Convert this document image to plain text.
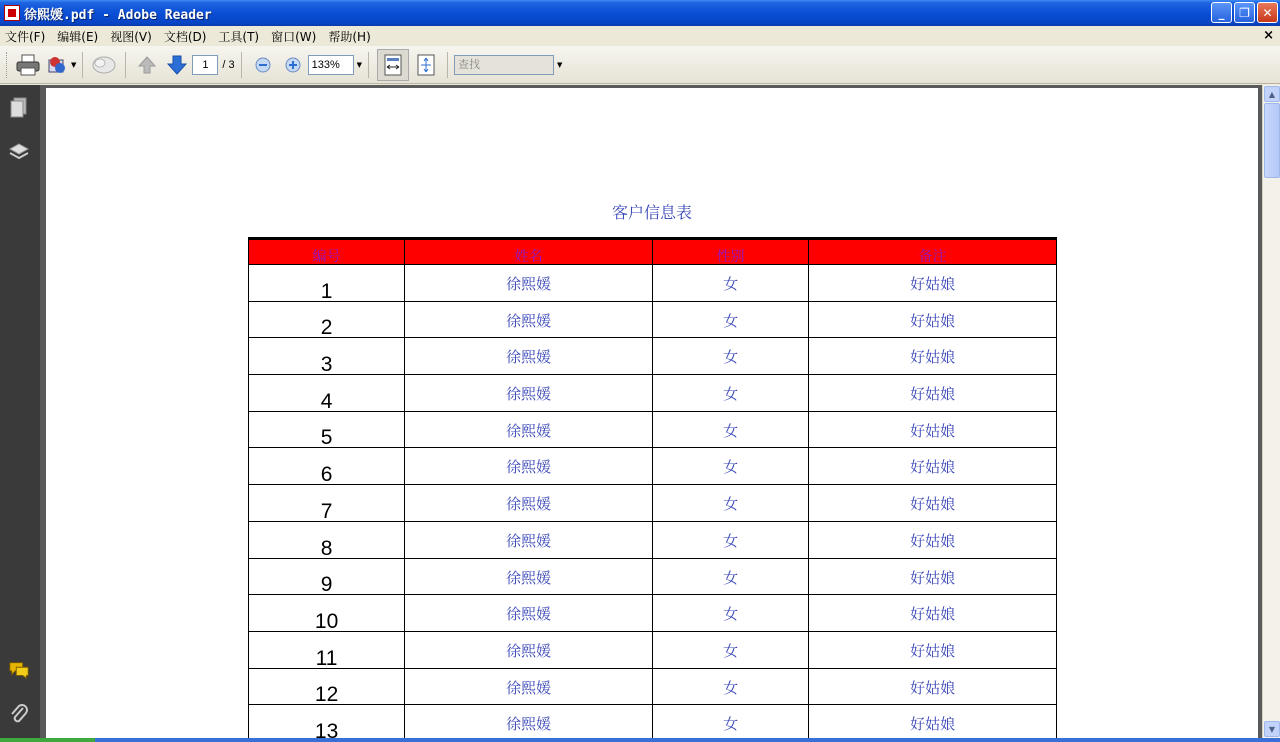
徐熙媛.pdf - Adobe Reader	_	❐	✕
文件(F)	编辑(E)	视图(V)	文档(D)	工具(T)	窗口(W)	帮助(H)	×
▼	1	/ 3	133%	▼	查找	▼
客户信息表
编号	姓名	性别	备注
1	徐熙媛	女	好姑娘
2	徐熙媛	女	好姑娘
3	徐熙媛	女	好姑娘
4	徐熙媛	女	好姑娘
5	徐熙媛	女	好姑娘
6	徐熙媛	女	好姑娘
7	徐熙媛	女	好姑娘
8	徐熙媛	女	好姑娘
9	徐熙媛	女	好姑娘
10	徐熙媛	女	好姑娘
11	徐熙媛	女	好姑娘
12	徐熙媛	女	好姑娘
13	徐熙媛	女	好姑娘
▲
▼
